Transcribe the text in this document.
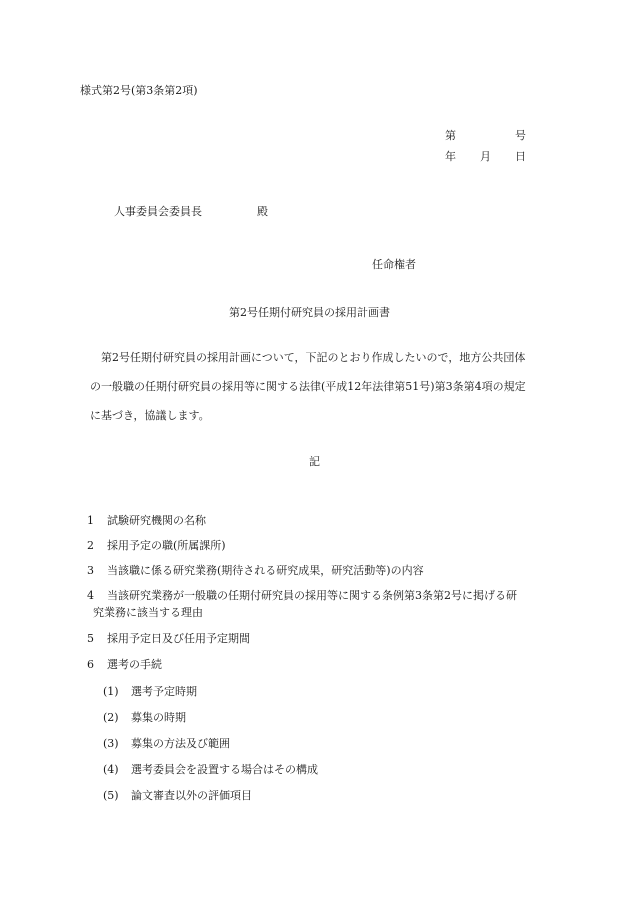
様式第2号(第3条第2項)
第	号
年 月 日
人事委員会委員長	殿
任命権者
第2号任期付研究員の採用計画書
　第2号任期付研究員の採用計画について，下記のとおり作成したいので，地方公共団体
の一般職の任期付研究員の採用等に関する法律(平成12年法律第51号)第3条第4項の規定
に基づき，協議します。
記
1 試験研究機関の名称
2 採用予定の職(所属課所)
3 当該職に係る研究業務(期待される研究成果，研究活動等)の内容
4 当該研究業務が一般職の任期付研究員の採用等に関する条例第3条第2号に掲げる研
究業務に該当する理由
5 採用予定日及び任用予定期間
6 選考の手続
(1) 選考予定時期
(2) 募集の時期
(3) 募集の方法及び範囲
(4) 選考委員会を設置する場合はその構成
(5) 論文審査以外の評価項目
